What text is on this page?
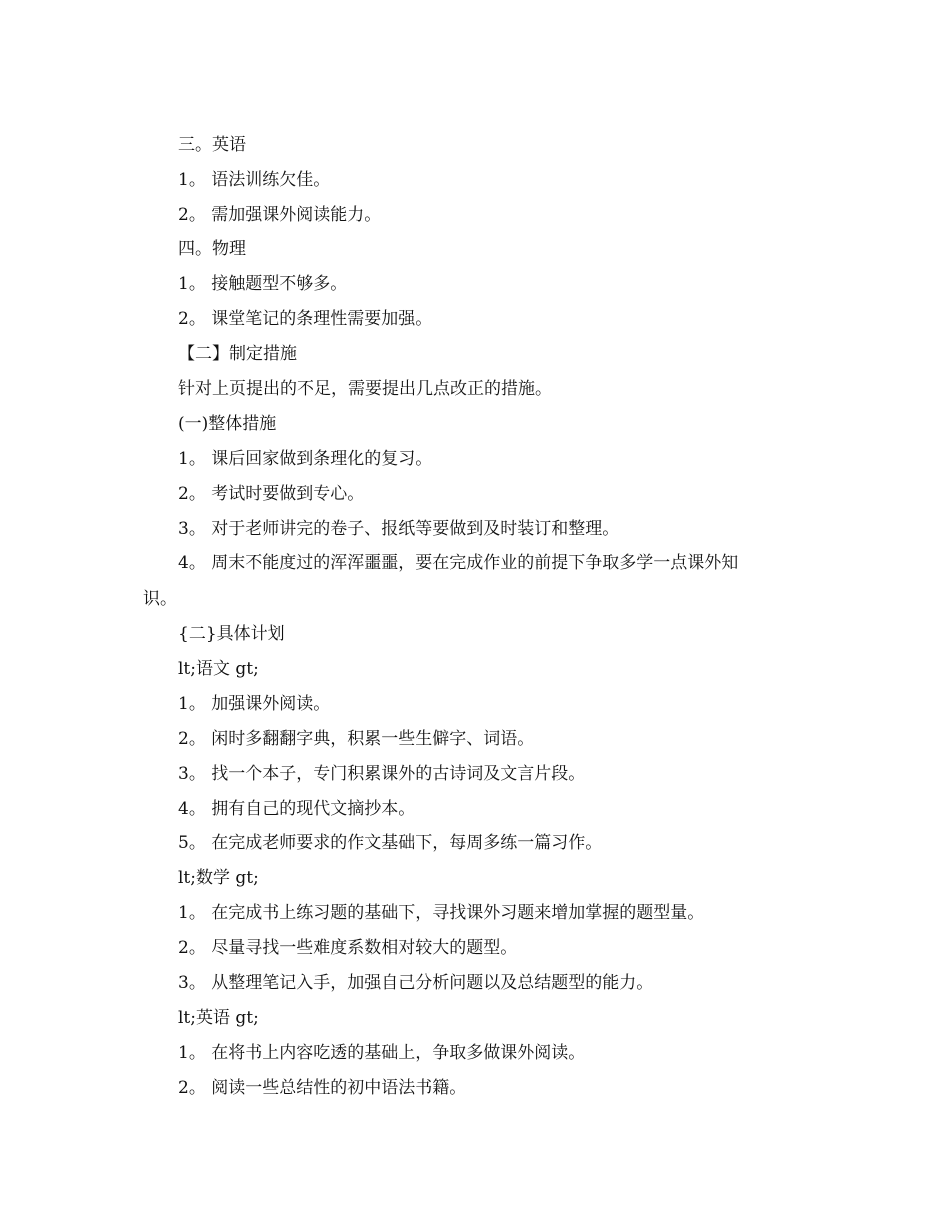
三。英语
1。 语法训练欠佳。
2。 需加强课外阅读能力。
四。物理
1。 接触题型不够多。
2。 课堂笔记的条理性需要加强。
【二】制定措施
针对上页提出的不足，需要提出几点改正的措施。
(一)整体措施
1。 课后回家做到条理化的复习。
2。 考试时要做到专心。
3。 对于老师讲完的卷子、报纸等要做到及时装订和整理。
4。 周末不能度过的浑浑噩噩，要在完成作业的前提下争取多学一点课外知
识。
{二}具体计划
lt;语文 gt;
1。 加强课外阅读。
2。 闲时多翻翻字典，积累一些生僻字、词语。
3。 找一个本子，专门积累课外的古诗词及文言片段。
4。 拥有自己的现代文摘抄本。
5。 在完成老师要求的作文基础下，每周多练一篇习作。
lt;数学 gt;
1。 在完成书上练习题的基础下，寻找课外习题来增加掌握的题型量。
2。 尽量寻找一些难度系数相对较大的题型。
3。 从整理笔记入手，加强自己分析问题以及总结题型的能力。
lt;英语 gt;
1。 在将书上内容吃透的基础上，争取多做课外阅读。
2。 阅读一些总结性的初中语法书籍。
